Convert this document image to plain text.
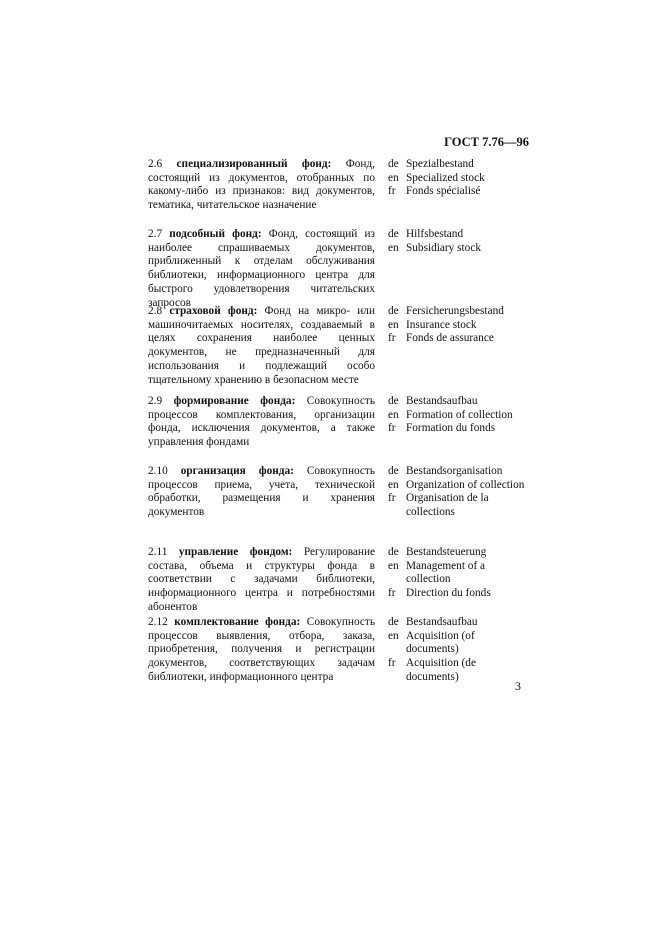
ГОСТ 7.76—96
2.6 специализированный фонд: Фонд, состоящий из документов, отобранных по какому-либо из признаков: вид документов, тематика, читательское назначение
de Spezialbestand
en Specialized stock
fr Fonds spécialisé
2.7 подсобный фонд: Фонд, состоящий из наиболее спрашиваемых документов, приближенный к отделам обслуживания библиотеки, информационного центра для быстрого удовлетворения читательских запросов
de Hilfsbestand
en Subsidiary stock
2.8 страховой фонд: Фонд на микро- или машиночитаемых носителях, создаваемый в целях сохранения наиболее ценных документов, не предназначенный для использования и подлежащий особо тщательному хранению в безопасном месте
de Fersicherungsbestand
en Insurance stock
fr Fonds de assurance
2.9 формирование фонда: Совокупность процессов комплектования, организации фонда, исключения документов, а также управления фондами
de Bestandsaufbau
en Formation of collection
fr Formation du fonds
2.10 организация фонда: Совокупность процессов приема, учета, технической обработки, размещения и хранения документов
de Bestandsorganisation
en Organization of collection
fr Organisation de la collections
2.11 управление фондом: Регулирование состава, объема и структуры фонда в соответствии с задачами библиотеки, информационного центра и потребностями абонентов
de Bestandsteuerung
en Management of a collection
fr Direction du fonds
2.12 комплектование фонда: Совокупность процессов выявления, отбора, заказа, приобретения, получения и регистрации документов, соответствующих задачам библиотеки, информационного центра
de Bestandsaufbau
en Acquisition (of documents)
fr Acquisition (de documents)
3
